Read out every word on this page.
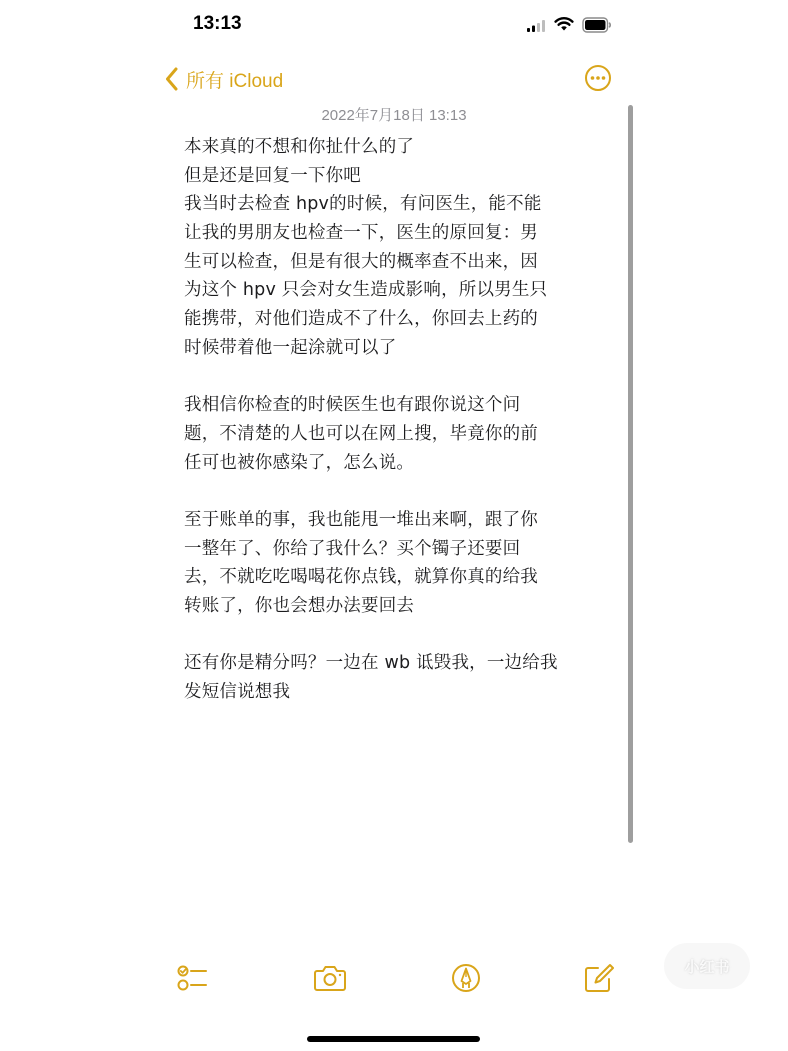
13:13
所有 iCloud
2022年7月18日 13:13
本来真的不想和你扯什么的了
但是还是回复一下你吧
我当时去检查 hpv的时候，有问医生，能不能
让我的男朋友也检查一下，医生的原回复：男
生可以检查，但是有很大的概率查不出来，因
为这个 hpv 只会对女生造成影响，所以男生只
能携带，对他们造成不了什么，你回去上药的
时候带着他一起涂就可以了
我相信你检查的时候医生也有跟你说这个问
题，不清楚的人也可以在网上搜，毕竟你的前
任可也被你感染了，怎么说。
至于账单的事，我也能甩一堆出来啊，跟了你
一整年了、你给了我什么？买个镯子还要回
去，不就吃吃喝喝花你点钱，就算你真的给我
转账了，你也会想办法要回去
还有你是精分吗？一边在 wb 诋毁我，一边给我
发短信说想我
小红书
